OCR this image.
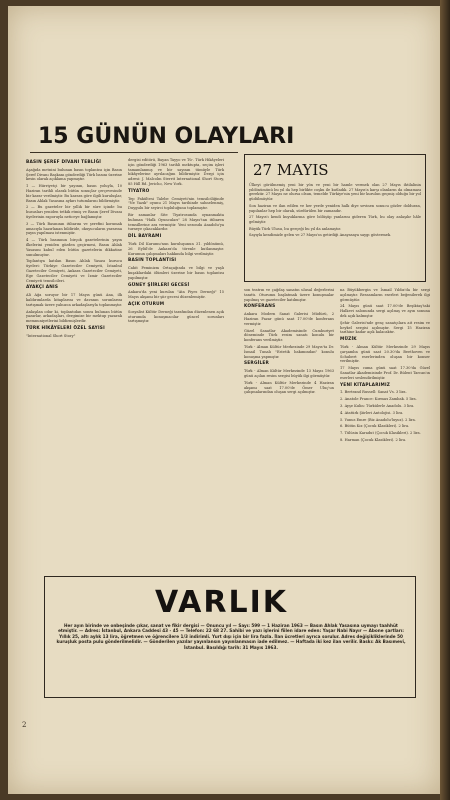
15 GÜNÜN OLAYLARI
27 MAYIS

Ülkeyi görülmemiş yeni bir yön ve yeni bir hamle vermek olan 27 Mayıs ihtilalinin yıldönümünü bu yıl da hep birlikte coşku ile kutladık. 27 Mayıs'a karşı olanların da olmaması gerektir. 27 Mayıs ne olursa olsun, temelde Türkiye'nin yeni bir kurulun geçmiş olduğu bir yol güdülmüştür.

Son haziran ve ilan edilen ve her yerde yeniden halk diye sevinen sonucu gözler dolduran, yapılanlar hep bir olarak, sürdürülen bir zamandır.

27 Mayıs'ı kendi kuyuklarına göre bölüşüp yanlarını gideren Türk, bu olay anlaşılır hâle gelmiştir.

Büyük Türk Ulusu, bu gerçeği bu yıl da anlamıştır.

Sayıyla kendimizle gelen ve 27 Mayıs'ın getirdiği Anayasaya saygı göstermek.

BASIN ŞEREF DİVANI TEBLİĞİ

Aşağıda metnini bulunan basın toplantısı için Basın Şeref Divanı Başkanı gönderdiği Türk basını üzerine kesin olarak açıklama yapmıştır.

1 — Hürriyetçi bir yayının, basın yoluyla, 10 Haziran tarihli olarak bütün sonuçlar çerçevesinde bir karar verilmiştir. Bu karara göre ilgili kuruluşlar, Basın Ahlak Yasasına aykırı tutumlarını bildirmiştir.

2 — Bu gazeteler bir yıllık bir süre içinde bu hususları yeniden tetkik etmiş ve Basın Şeref Divanı üyelerinin raporuyla neticeye bağlamıştır.

3 — Türk Basınının itibarını ve şerefini korumak amacıyla hazırlanan bildiride, okuyucuların yararına yayın yapılması istenmiştir.

4 — Türk basınının birçok gazetelerinin yayın ilkelerini yeniden gözden geçirmesi, Basın Ahlak Yasasını kabul eden bütün gazetelerin dikkatine sunulmuştur.

Toplantıya katılan Basın Ahlak Yasası kurucu üyeleri: Türkiye Gazeteciler Cemiyeti, İstanbul Gazeteciler Cemiyeti, Ankara Gazeteciler Cemiyeti, Ege Gazeteciler Cemiyeti ve İzmir Gazeteciler Cemiyeti temsilcileri.

AYAKÇI ANIS

Ali Ağa soruyor bir 17 Mayıs günü Ana, ilk kaldırımlarda kitaplarını ve davanın sorunlarını tartışmak üzere yalnızca arkadaşlarıyla toplanmıştır.

Anlaşılan odur ki, toplantıdan sonra bulunan bütün yazarlar, arkadaşları, dergimize bir mektup yazarak memnuniyetlerini bildirmişlerdir.

TÜRK HİKÂYELERİ ÖZEL SAYISI

"International Short Story"

dergisi editörü, Bayan Tayyo ve Tü-. Türk Hikâyeleri için gönderdiği 1963 tarihli mektupta, seçim işleri tamamlanmış ve bir sayının tümüyle Türk hikâyelerine ayrılacağını bildirmiştir. Dergi için adresi: J. Malcolm Sterrit International Short Story, 85 Hill Rd. Jericho, New York.

TİYATRO

Tep Fakültesi Talebe Cemiyeti'nin temsilciliğinde "Ne Yazık" oyunu 21 Mayıs tarihinde sahnelenmiş, Duygulu bir seyirci topluluğunu toplamıştır.

Bir zamanlar Site Tiyatrosunda oynanmakta bulunan "Halk Oyuncuları" 28 Mayıs'tan itibaren temsillerine ara vermiştir. Yeni sezonda Anadolu'ya turneye çıkacaklardır.

DİL BAYRAMI

Türk Dil Kurumu'nun kuruluşunun 31. yıldönümü, 26 Eylül'de Ankara'da törenle kutlanmıştır. Kurumun çalışmaları hakkında bilgi verilmiştir.

BASIN TOPLANTISI

Cahit Feminizm Ortaçağında ve bilgi ve yaşlı kuşaklardaki ölümleri üzerine bir basın toplantısı yapılmıştır.

GÜNEY ŞİİRLERİ GECESİ

Ankara'da yeni kurulan "Ata Piyes Derneği" 15 Mayıs akşamı bir şiir gecesi düzenlemiştir.

AÇIK OTURUM

Sosyalist Kültür Derneği tarafından düzenlenen açık oturumda konuşmacılar güncel sorunları tartışmıştır.

son teatrın ve çağdaş sanatın ulusal değerlerini tanıttı. Oturumu başlatmak üzere konuşmalar yapılmış ve gazeteciler katılmıştır.

KONFERANS

Ankara Modern Sanat Galerisi Müdürü, 2 Haziran Pazar günü saat 17.00'de konferans vermiştir.

Güzel Sanatlar Akademisinde Cumhuriyet döneminde Türk resim sanatı konulu bir konferans verilmiştir.

Türk - Alman Kültür Merkezinde 29 Mayıs'ta Dr. İsmail Tunalı "Estetik bakımından" konulu konuşma yapmıştır.

SERGİLER

Türk - Alman Kültür Merkezinde 13 Mayıs 1963 günü açılan resim sergisi büyük ilgi görmüştür.

Türk - Alman Kültür Merkezinde 4 Haziran akşamı saat 17.00'de Ömer Uluç'un çalışmalarından oluşan sergi açılmıştır.

na Büyükbergin ve İsmail Yıldız'da bir sergi açılmıştır. Ressamların eserleri beğenilerek ilgi görmüştür.

24 Mayıs günü saat 17.00'de Beşiktaş'taki Halkevi salonunda sergi açılmış ve ayın sonuna dek açık kalmıştır.

Şehir Galerisi'nde genç sanatçılara ait resim ve heykel sergisi açılmıştır. Sergi 15 Haziran tarihine kadar açık kalacaktır.

MÜZİK

Türk - Alman Kültür Merkezinde 29 Mayıs çarşamba günü saat 20.30'da Beethoven ve Schubert eserlerinden oluşan bir konser verilmiştir.

17 Mayıs cuma günü saat 17.30'da Güzel Sanatlar Akademisinde Prof. Dr. Bülent Tarcan'ın eserleri seslendirilmiştir.

YENİ KİTAPLARIMIZ

1. Bertrand Russell: Sanat Vs. 3 lira.

2. Anatole France: Kırmızı Zambak. 5 lira.

3. Ayşe Kulin: Türkülerle Anadolu. 3 lira.

4. Atatürk Şiirleri Antolojisi. 3 lira.

5. Yunus Emre (Biz Anadolu'luyuz). 2 lira.

6. Bütün Kız (Çocuk Klasikleri). 2 lira.

7. Tülüsin Karadut (Çocuk Klasikleri). 2 lira.

8. Harman (Çocuk Klasikleri). 2 lira.

VARLIK
Her ayın birinde ve onbeşinde çıkar, sanat ve fikir dergisi — Onuncu yıl — Sayı: 599 — 1 Haziran 1963 — Basın Ahlak Yasasına uymayı taahhüt etmiştir. — Adres: İstanbul, Ankara Caddesi 43 - 45 — Telefon: 22 68 27. Sahibi ve yazı işlerini fiilen idare eden: Yaşar Nabi Nayır — Abone şartları: Yıllık 25, altı aylık 13 lira, öğretmen ve öğrencilere 1/3 indirimli. Yurt dışı için bir lira fazla. İlan ücretleri ayrıca sorulur. Adres değişikliklerinde 50 kuruşluk posta pulu gönderilmelidir. — Gönderilen yazılar yayınlansın yayınlanmasın iade edilmez. — Haftada iki kez ilan verilir. Baskı: Ak Basımevi, İstanbul. Basıldığı tarih: 31 Mayıs 1963.
2
